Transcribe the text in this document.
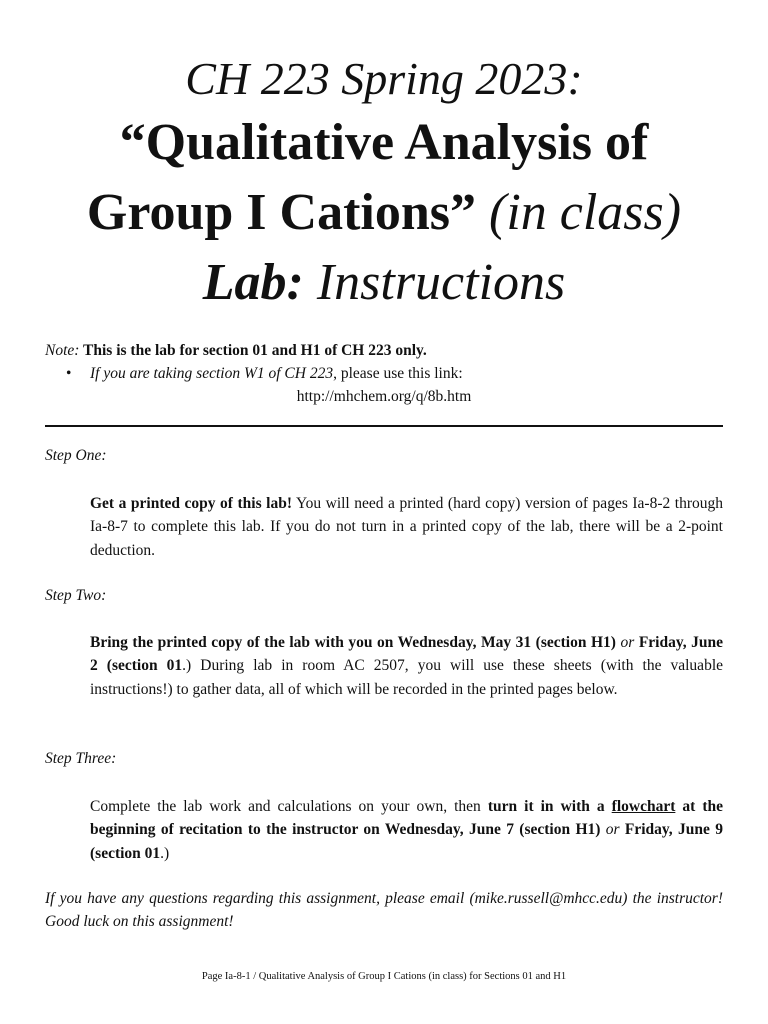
CH 223 Spring 2023:

“Qualitative Analysis of

Group I Cations” (in class)

Lab: Instructions

Note: This is the lab for section 01 and H1 of CH 223 only.
• If you are taking section W1 of CH 223, please use this link:
http://mhchem.org/q/8b.htm
Step One:
Get a printed copy of this lab! You will need a printed (hard copy) version of pages Ia-8-2 through Ia-8-7 to complete this lab. If you do not turn in a printed copy of the lab, there will be a 2-point deduction.
Step Two:
Bring the printed copy of the lab with you on Wednesday, May 31 (section H1) or Friday, June 2 (section 01.) During lab in room AC 2507, you will use these sheets (with the valuable instructions!) to gather data, all of which will be recorded in the printed pages below.
Step Three:
Complete the lab work and calculations on your own, then turn it in with a flowchart at the beginning of recitation to the instructor on Wednesday, June 7 (section H1) or Friday, June 9 (section 01.)
If you have any questions regarding this assignment, please email (mike.russell@mhcc.edu) the instructor! Good luck on this assignment!
Page Ia-8-1 / Qualitative Analysis of Group I Cations (in class) for Sections 01 and H1
